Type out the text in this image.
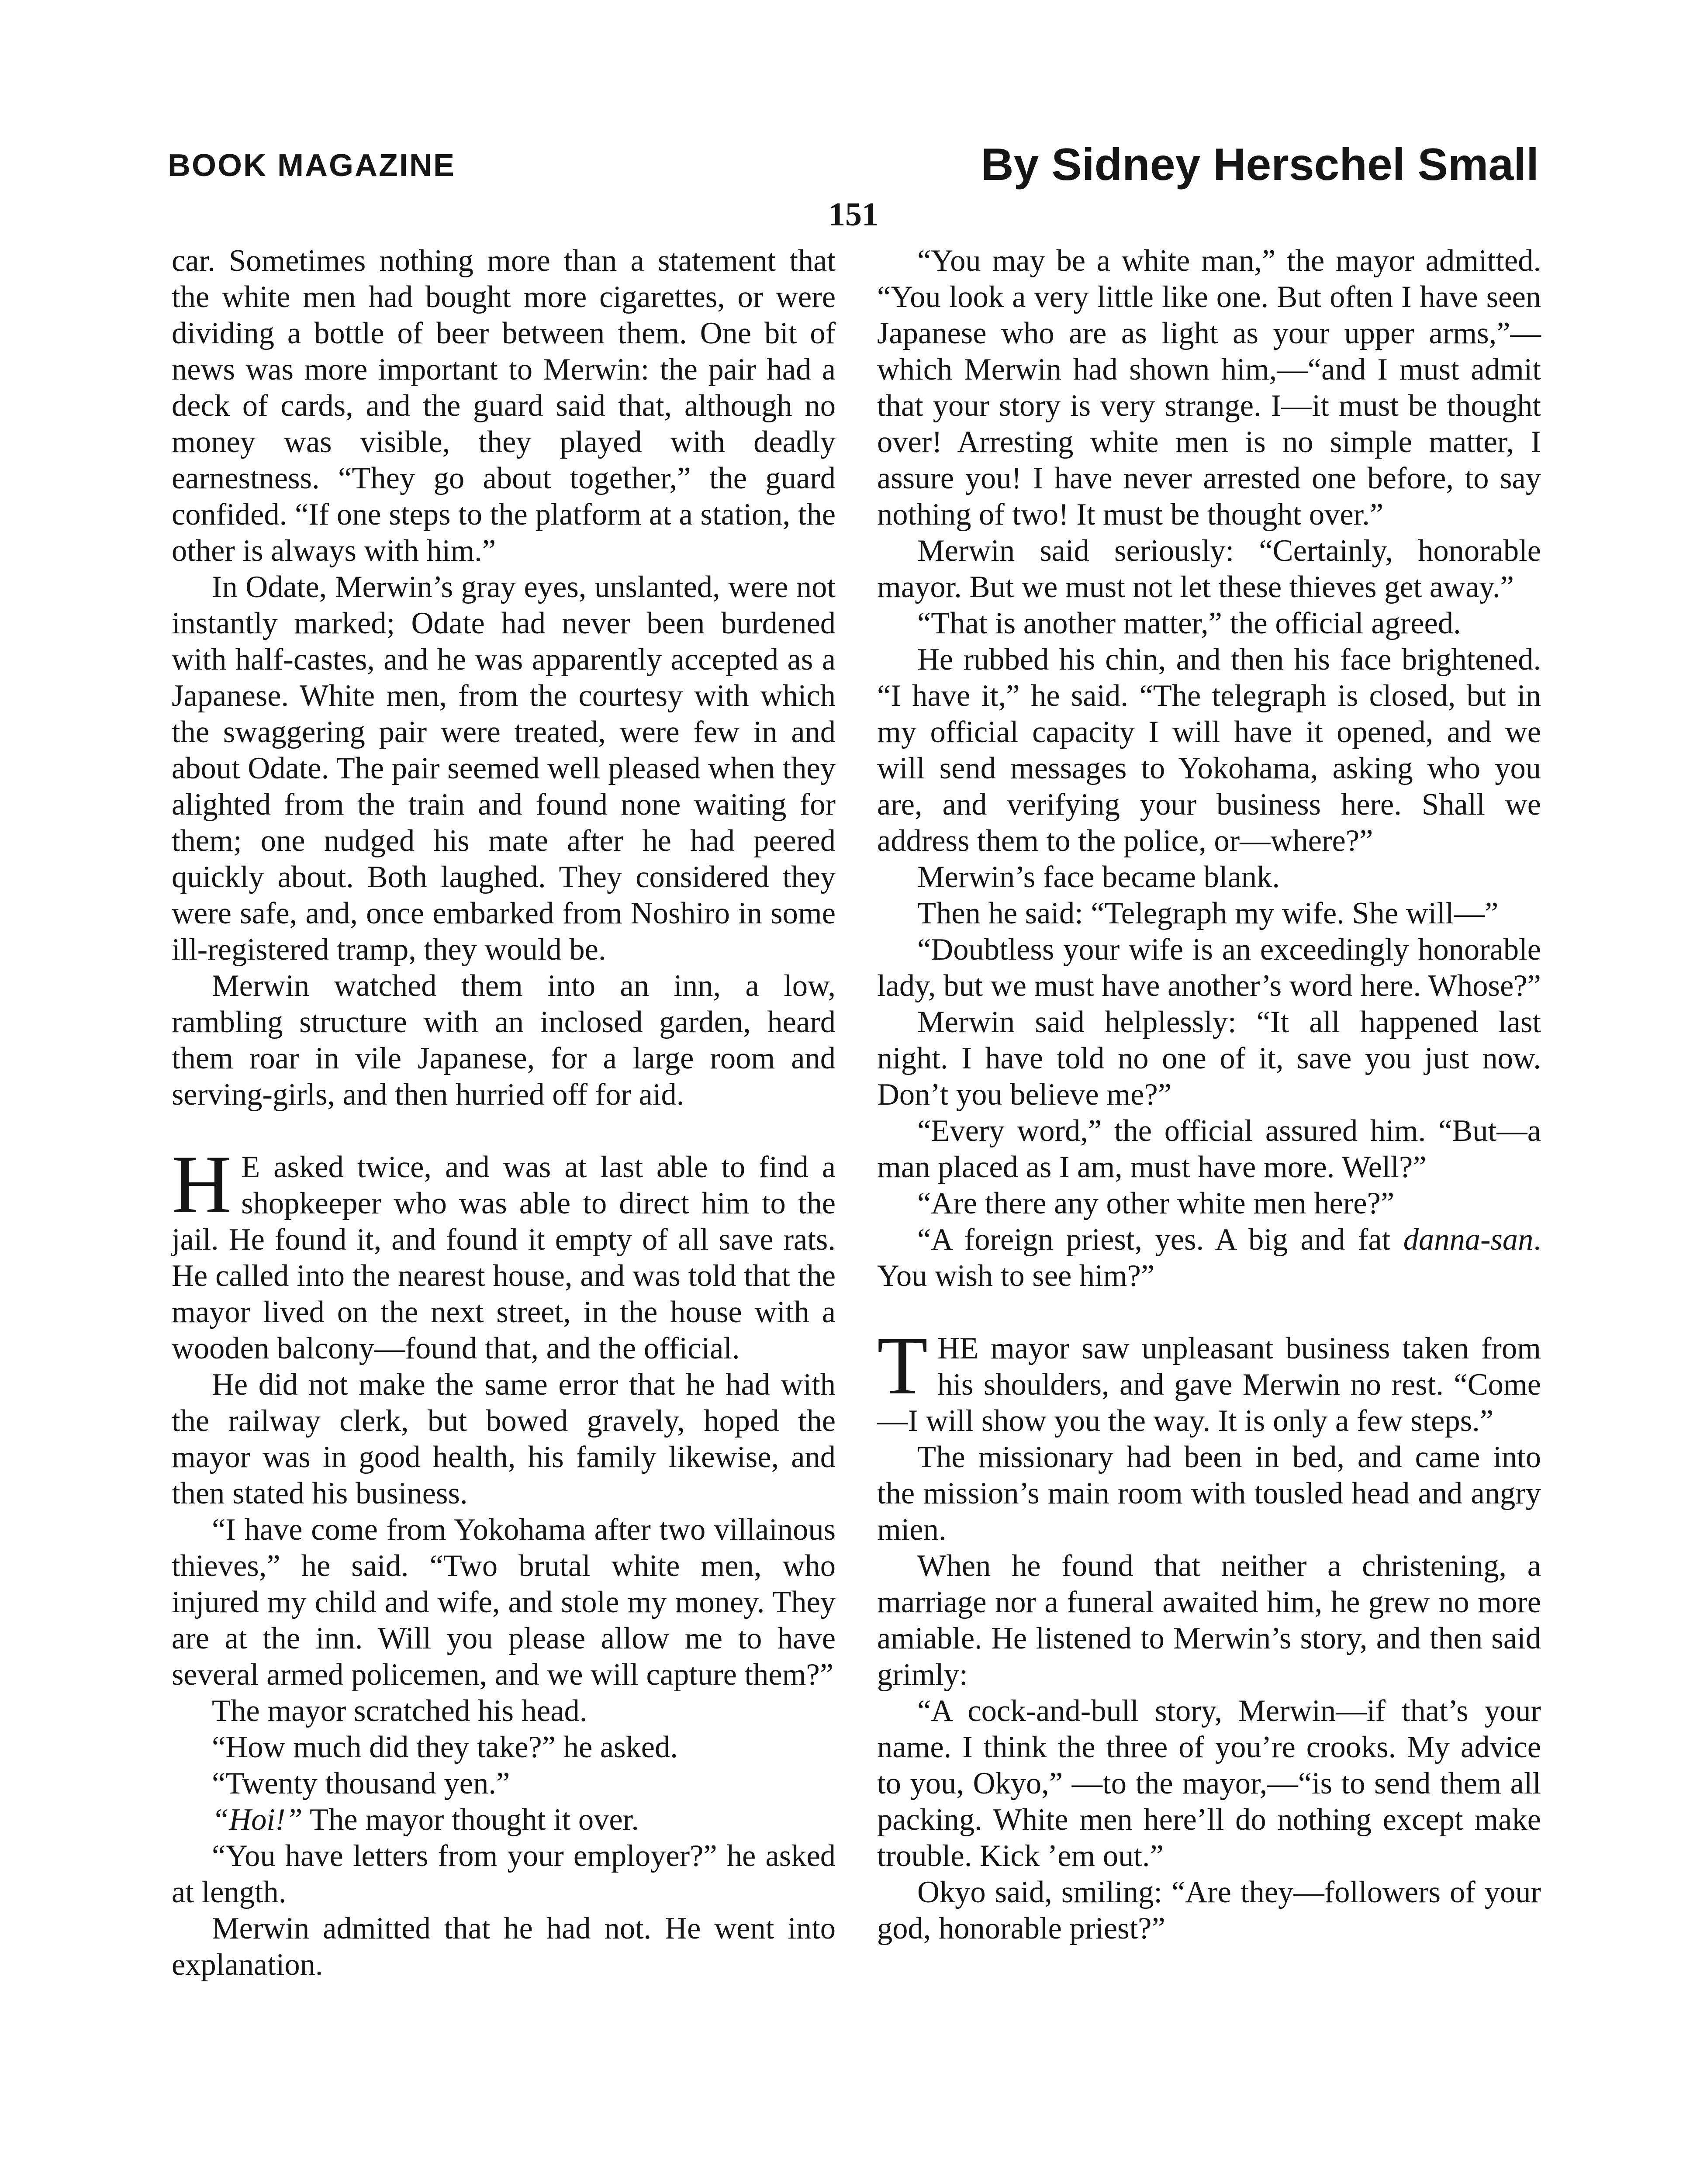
BOOK MAGAZINE	By Sidney Herschel Small
151

car. Sometimes nothing more than a statement that the white men had bought more cigarettes, or were dividing a bottle of beer between them. One bit of news was more important to Merwin: the pair had a deck of cards, and the guard said that, although no money was visible, they played with deadly earnestness. “They go about together,” the guard confided. “If one steps to the platform at a station, the other is always with him.”

In Odate, Merwin’s gray eyes, unslanted, were not instantly marked; Odate had never been burdened with half-castes, and he was apparently accepted as a Japanese. White men, from the courtesy with which the swaggering pair were treated, were few in and about Odate. The pair seemed well pleased when they alighted from the train and found none waiting for them; one nudged his mate after he had peered quickly about. Both laughed. They considered they were safe, and, once embarked from Noshiro in some ill-registered tramp, they would be.

Merwin watched them into an inn, a low, rambling structure with an inclosed garden, heard them roar in vile Japanese, for a large room and serving-girls, and then hurried off for aid.

H E asked twice, and was at last able to find a shopkeeper who was able to direct him to the jail. He found it, and found it empty of all save rats. He called into the nearest house, and was told that the mayor lived on the next street, in the house with a wooden balcony—found that, and the official.

He did not make the same error that he had with the railway clerk, but bowed gravely, hoped the mayor was in good health, his family likewise, and then stated his business.

“I have come from Yokohama after two villainous thieves,” he said. “Two brutal white men, who injured my child and wife, and stole my money. They are at the inn. Will you please allow me to have several armed policemen, and we will capture them?”

The mayor scratched his head.

“How much did they take?” he asked.

“Twenty thousand yen.”

“Hoi!” The mayor thought it over.

“You have letters from your employer?” he asked at length.

Merwin admitted that he had not. He went into explanation.

“You may be a white man,” the mayor admitted. “You look a very little like one. But often I have seen Japanese who are as light as your upper arms,”—which Merwin had shown him,—“and I must admit that your story is very strange. I—it must be thought over! Arresting white men is no simple matter, I assure you! I have never arrested one before, to say nothing of two! It must be thought over.”

Merwin said seriously: “Certainly, honorable mayor. But we must not let these thieves get away.”

“That is another matter,” the official agreed.

He rubbed his chin, and then his face brightened. “I have it,” he said. “The telegraph is closed, but in my official capacity I will have it opened, and we will send messages to Yokohama, asking who you are, and verifying your business here. Shall we address them to the police, or—where?”

Merwin’s face became blank.

Then he said: “Telegraph my wife. She will—”

“Doubtless your wife is an exceedingly honorable lady, but we must have another’s word here. Whose?”

Merwin said helplessly: “It all happened last night. I have told no one of it, save you just now. Don’t you believe me?”

“Every word,” the official assured him. “But—a man placed as I am, must have more. Well?”

“Are there any other white men here?”

“A foreign priest, yes. A big and fat danna-san. You wish to see him?”

THE mayor saw unpleasant business taken from his shoulders, and gave Merwin no rest. “Come—I will show you the way. It is only a few steps.”

The missionary had been in bed, and came into the mission’s main room with tousled head and angry mien.

When he found that neither a christening, a marriage nor a funeral awaited him, he grew no more amiable. He listened to Merwin’s story, and then said grimly:

“A cock-and-bull story, Merwin—if that’s your name. I think the three of you’re crooks. My advice to you, Okyo,” —to the mayor,—“is to send them all packing. White men here’ll do nothing except make trouble. Kick ’em out.”

Okyo said, smiling: “Are they—followers of your god, honorable priest?”
